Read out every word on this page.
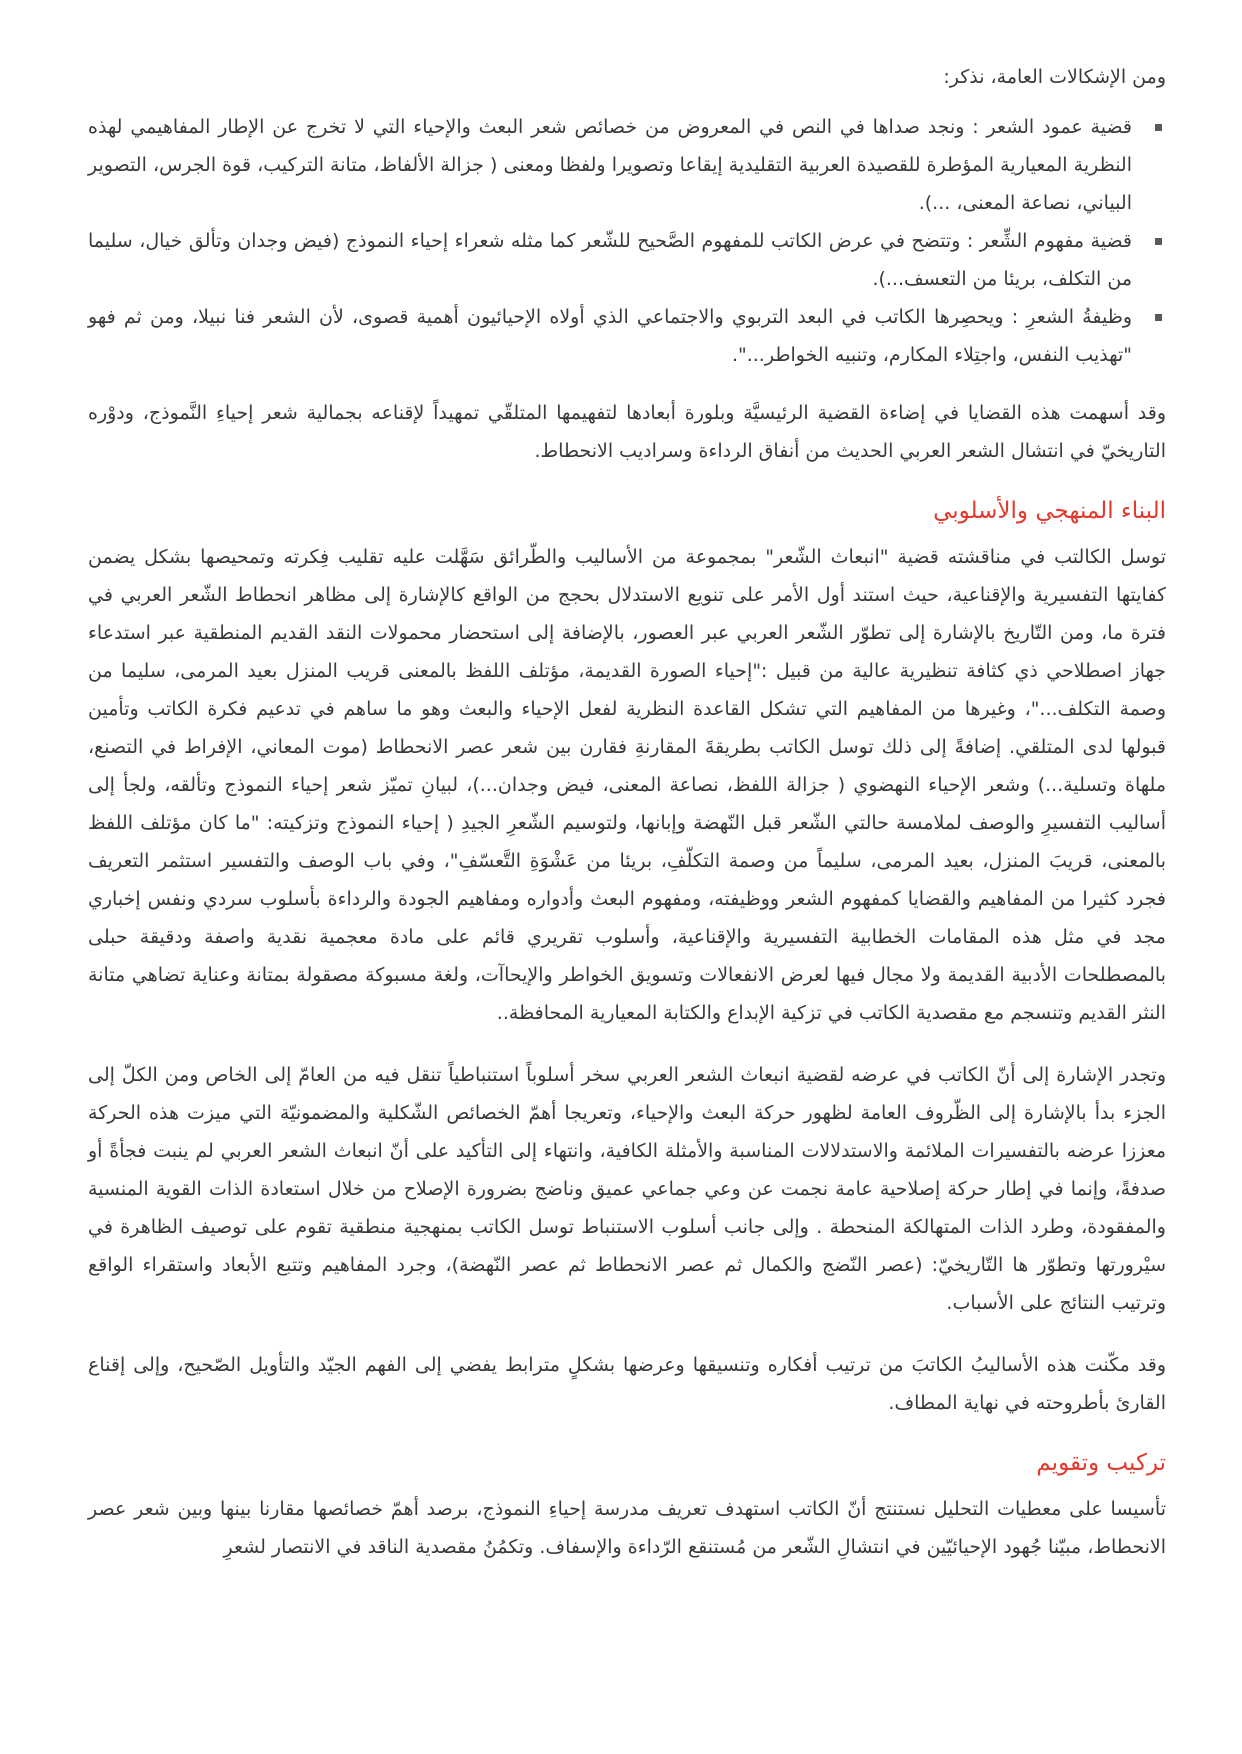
ومن الإشكالات العامة، نذكر:

قضية عمود الشعر : ونجد صداها في النص في المعروض من خصائص شعر البعث والإحياء التي لا تخرج عن الإطار المفاهيمي لهذه النظرية المعيارية المؤطرة للقصيدة العربية التقليدية إيقاعا وتصويرا ولفظا ومعنى ( جزالة الألفاظ، متانة التركيب، قوة الجرس، التصوير البياني، نصاعة المعنى، ...).
قضية مفهوم الشِّعر : وتتضح في عرض الكاتب للمفهوم الصَّحيح للشّعر كما مثله شعراء إحياء النموذج (فيض وجدان وتألق خيال، سليما من التكلف، بريئا من التعسف...).
وظيفةُ الشعرِ : ويحصِرها الكاتب في البعد التربوي والاجتماعي الذي أولاه الإحيائيون أهمية قصوى، لأن الشعر فنا نبيلا، ومن ثم فهو "تهذيب النفس، واجتِلاء المكارم، وتنبيه الخواطر...".

وقد أسهمت هذه القضايا في إضاءة القضية الرئيسيَّة وبلورة أبعادها لتفهيمها المتلقّي تمهيداً لإقناعه بجمالية شعر إحياءِ النَّموذج، ودوْره التاريخيّ في انتشال الشعر العربي الحديث من أنفاق الرداءة وسراديب الانحطاط.

البناء المنهجي والأسلوبي

توسل الكالتب في مناقشته قضية "انبعاث الشّعر" بمجموعة من الأساليب والطّرائق سَهَّلت عليه تقليب فِكرته وتمحيصها بشكل يضمن كفايتها التفسيرية والإقناعية، حيث استند أول الأمر على تنويع الاستدلال بحجج من الواقع كالإشارة إلى مظاهر انحطاط الشّعر العربي في فترة ما، ومن التّاريخ بالإشارة إلى تطوّر الشّعر العربي عبر العصور، بالإضافة إلى استحضار محمولات النقد القديم المنطقية عبر استدعاء جهاز اصطلاحي ذي كثافة تنظيرية عالية من قبيل :"إحياء الصورة القديمة، مؤتلف اللفظ بالمعنى قريب المنزل بعيد المرمى، سليما من وصمة التكلف..."، وغيرها من المفاهيم التي تشكل القاعدة النظرية لفعل الإحياء والبعث وهو ما ساهم في تدعيم فكرة الكاتب وتأمين قبولها لدى المتلقي. إضافةً إلى ذلك توسل الكاتب بطريقةَ المقارنةِ فقارن بين شعر عصر الانحطاط (موت المعاني، الإفراط في التصنع، ملهاة وتسلية...) وشعر الإحياء النهضوي ( جزالة اللفظ، نصاعة المعنى، فيض وجدان...)، لبيانِ تميّز شعر إحياء النموذج وتألقه، ولجأ إلى أساليب التفسيرِ والوصف لملامسة حالتي الشّعر قبل النّهضة وإبانها، ولتوسيم الشّعرِ الجيدِ ( إحياء النموذج وتزكيته: "ما كان مؤتلف اللفظ بالمعنى، قريبَ المنزل، بعيد المرمى، سليماً من وصمة التكلّفِ، بريئا من عَشْوَةِ التَّعسّفِ"، وفي باب الوصف والتفسير استثمر التعريف فجرد كثيرا من المفاهيم والقضايا كمفهوم الشعر ووظيفته، ومفهوم البعث وأدواره ومفاهيم الجودة والرداءة بأسلوب سردي ونفس إخباري مجد في مثل هذه المقامات الخطابية التفسيرية والإقناعية، وأسلوب تقريري قائم على مادة معجمية نقدية واصفة ودقيقة حبلى بالمصطلحات الأدبية القديمة ولا مجال فيها لعرض الانفعالات وتسويق الخواطر والإيحاآت، ولغة مسبوكة مصقولة بمتانة وعناية تضاهي متانة النثر القديم وتنسجم مع مقصدية الكاتب في تزكية الإبداع والكتابة المعيارية المحافظة..

وتجدر الإشارة إلى أنّ الكاتب في عرضه لقضية انبعاث الشعر العربي سخر أسلوباً استنباطياً تنقل فيه من العامّ إلى الخاص ومن الكلّ إلى الجزء بدأ بالإشارة إلى الظّروف العامة لظهور حركة البعث والإحياء، وتعريجا أهمّ الخصائص الشّكلية والمضمونيّة التي ميزت هذه الحركة معززا عرضه بالتفسيرات الملائمة والاستدلالات المناسبة والأمثلة الكافية، وانتهاء إلى التأكيد على أنّ انبعاث الشعر العربي لم ينبت فجأةً أو صدفةً، وإنما في إطار حركة إصلاحية عامة نجمت عن وعي جماعي عميق وناضج بضرورة الإصلاح من خلال استعادة الذات القوية المنسية والمفقودة، وطرد الذات المتهالكة المنحطة . وإلى جانب أسلوب الاستنباط توسل الكاتب بمنهجية منطقية تقوم على توصيف الظاهرة في سيْرورتها وتطوّر ها التّاريخيّ: (عصر النّضج والكمال ثم عصر الانحطاط ثم عصر النّهضة)، وجرد المفاهيم وتتبع الأبعاد واستقراء الواقع وترتيب النتائج على الأسباب.

وقد مكّنت هذه الأساليبُ الكاتبَ من ترتيب أفكاره وتنسيقها وعرضها بشكلٍ مترابط يفضي إلى الفهم الجيّد والتأويل الصّحيح، وإلى إقناع القارئ بأطروحته في نهاية المطاف.

تركيب وتقويم

تأسيسا على معطيات التحليل نستنتج أنّ الكاتب استهدف تعريف مدرسة إحياءِ النموذج، برصد أهمّ خصائصها مقارنا بينها وبين شعر عصر الانحطاط، مبيّنا جُهود الإحيائيّين في انتشالِ الشّعر من مُستنقع الرّداءة والإسفاف. وتكمُنُ مقصدية الناقد في الانتصار لشعرِ
